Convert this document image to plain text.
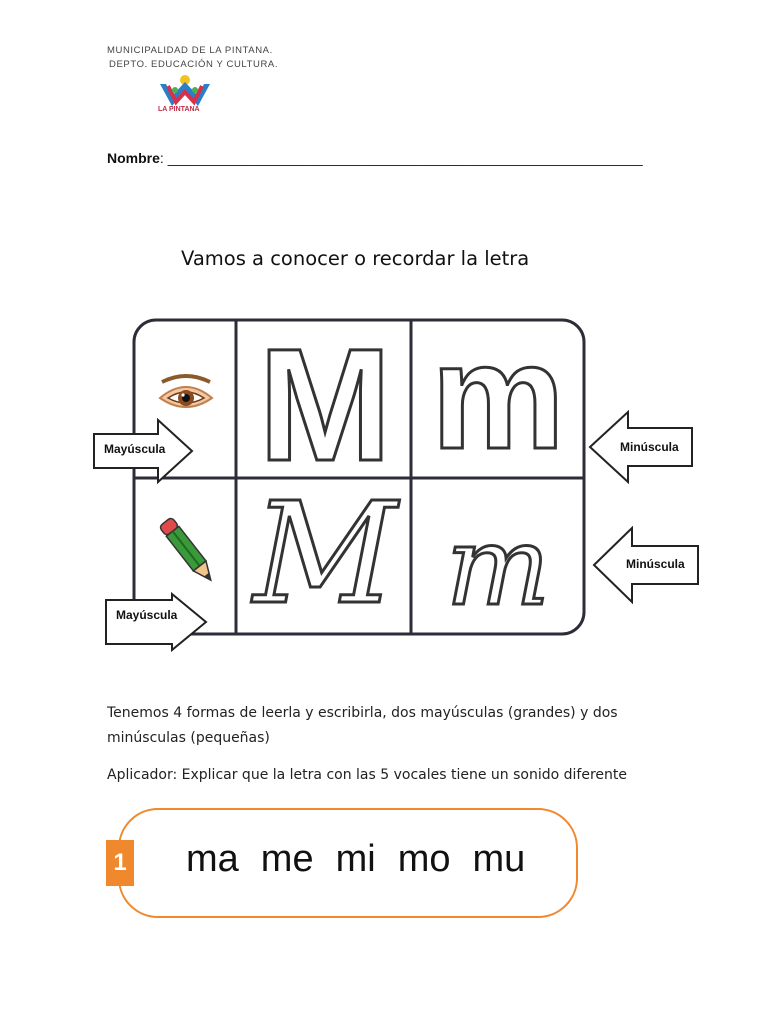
MUNICIPALIDAD DE LA PINTANA.
DEPTO. EDUCACIÓN Y CULTURA.
LA PINTANA
Nombre: _____________________________________________________________
Vamos a conocer o recordar la letra
M m
M m
Mayúscula	Minúscula
Minúscula
Mayúscula
Tenemos 4 formas de leerla y escribirla, dos mayúsculas (grandes) y dos
minúsculas (pequeñas)
Aplicador: Explicar que la letra con las 5 vocales tiene un sonido diferente
1 ma me mi mo mu
